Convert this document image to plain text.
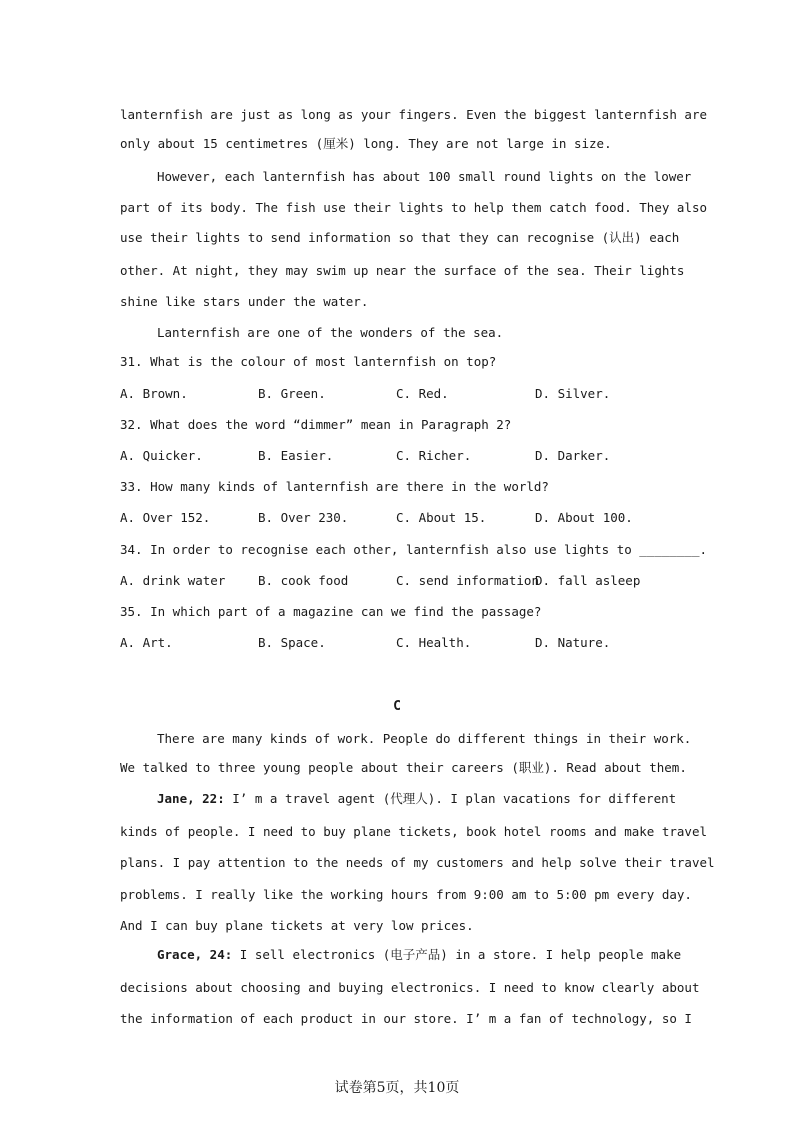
lanternfish are just as long as your fingers. Even the biggest lanternfish are
only about 15 centimetres (厘米) long. They are not large in size.
However, each lanternfish has about 100 small round lights on the lower
part of its body. The fish use their lights to help them catch food. They also
use their lights to send information so that they can recognise (认出) each
other. At night, they may swim up near the surface of the sea. Their lights
shine like stars under the water.
Lanternfish are one of the wonders of the sea.
31. What is the colour of most lanternfish on top?
A. Brown.	B. Green.	C. Red.	D. Silver.
32. What does the word “dimmer” mean in Paragraph 2?
A. Quicker.	B. Easier.	C. Richer.	D. Darker.
33. How many kinds of lanternfish are there in the world?
A. Over 152.	B. Over 230.	C. About 15.	D. About 100.
34. In order to recognise each other, lanternfish also use lights to ________.
A. drink water	B. cook food	C. send information
D. fall asleep
35. In which part of a magazine can we find the passage?
A. Art.	B. Space.	C. Health.	D. Nature.
C
There are many kinds of work. People do different things in their work.
We talked to three young people about their careers (职业). Read about them.
Jane, 22: I’ m a travel agent (代理人). I plan vacations for different
kinds of people. I need to buy plane tickets, book hotel rooms and make travel
plans. I pay attention to the needs of my customers and help solve their travel
problems. I really like the working hours from 9:00 am to 5:00 pm every day.
And I can buy plane tickets at very low prices.
Grace, 24: I sell electronics (电子产品) in a store. I help people make
decisions about choosing and buying electronics. I need to know clearly about
the information of each product in our store. I’ m a fan of technology, so I
试卷第5页，共10页
